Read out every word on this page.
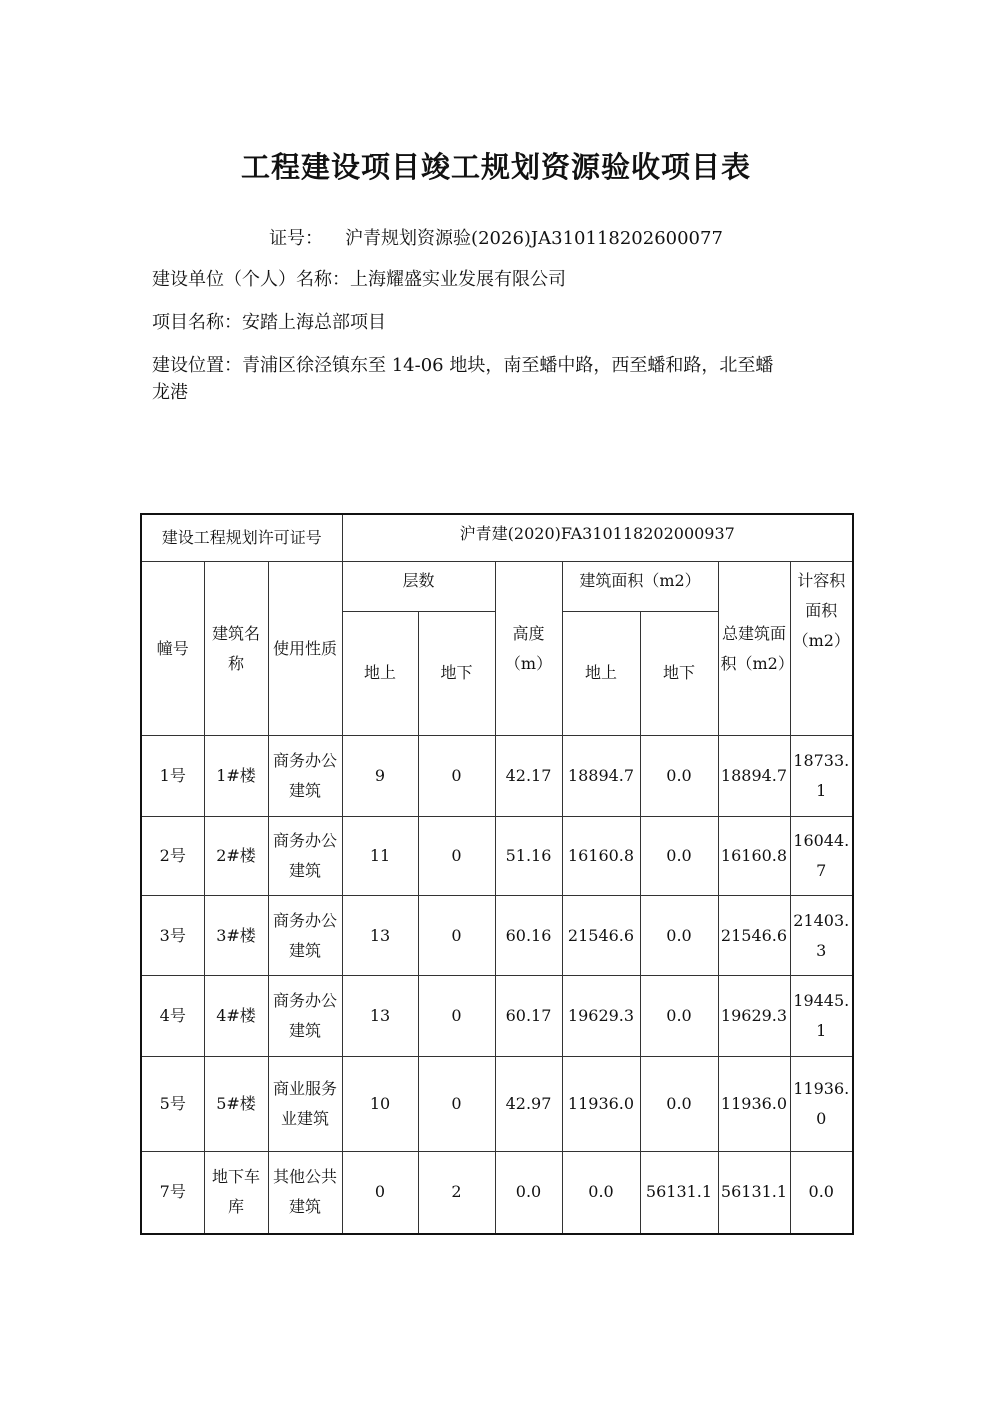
工程建设项目竣工规划资源验收项目表
证号： 沪青规划资源验(2026)JA310118202600077
建设单位（个人）名称：上海耀盛实业发展有限公司
项目名称：安踏上海总部项目
建设位置：青浦区徐泾镇东至 14-06 地块，南至蟠中路，西至蟠和路，北至蟠
龙港
建设工程规划许可证号			沪青建(2020)FA310118202000937						
幢号	建筑名称	使用性质	层数		高度（m）	建筑面积（m2）		总建筑面积（m2）	计容积面积（m2）
			地上	地下		地上	地下		
1号	1#楼	商务办公建筑	9	0	42.17	18894.7	0.0	18894.7	18733.1
2号	2#楼	商务办公建筑	11	0	51.16	16160.8	0.0	16160.8	16044.7
3号	3#楼	商务办公建筑	13	0	60.16	21546.6	0.0	21546.6	21403.3
4号	4#楼	商务办公建筑	13	0	60.17	19629.3	0.0	19629.3	19445.1
5号	5#楼	商业服务业建筑	10	0	42.97	11936.0	0.0	11936.0	11936.0
7号	地下车库	其他公共建筑	0	2	0.0	0.0	56131.1	56131.1	0.0
